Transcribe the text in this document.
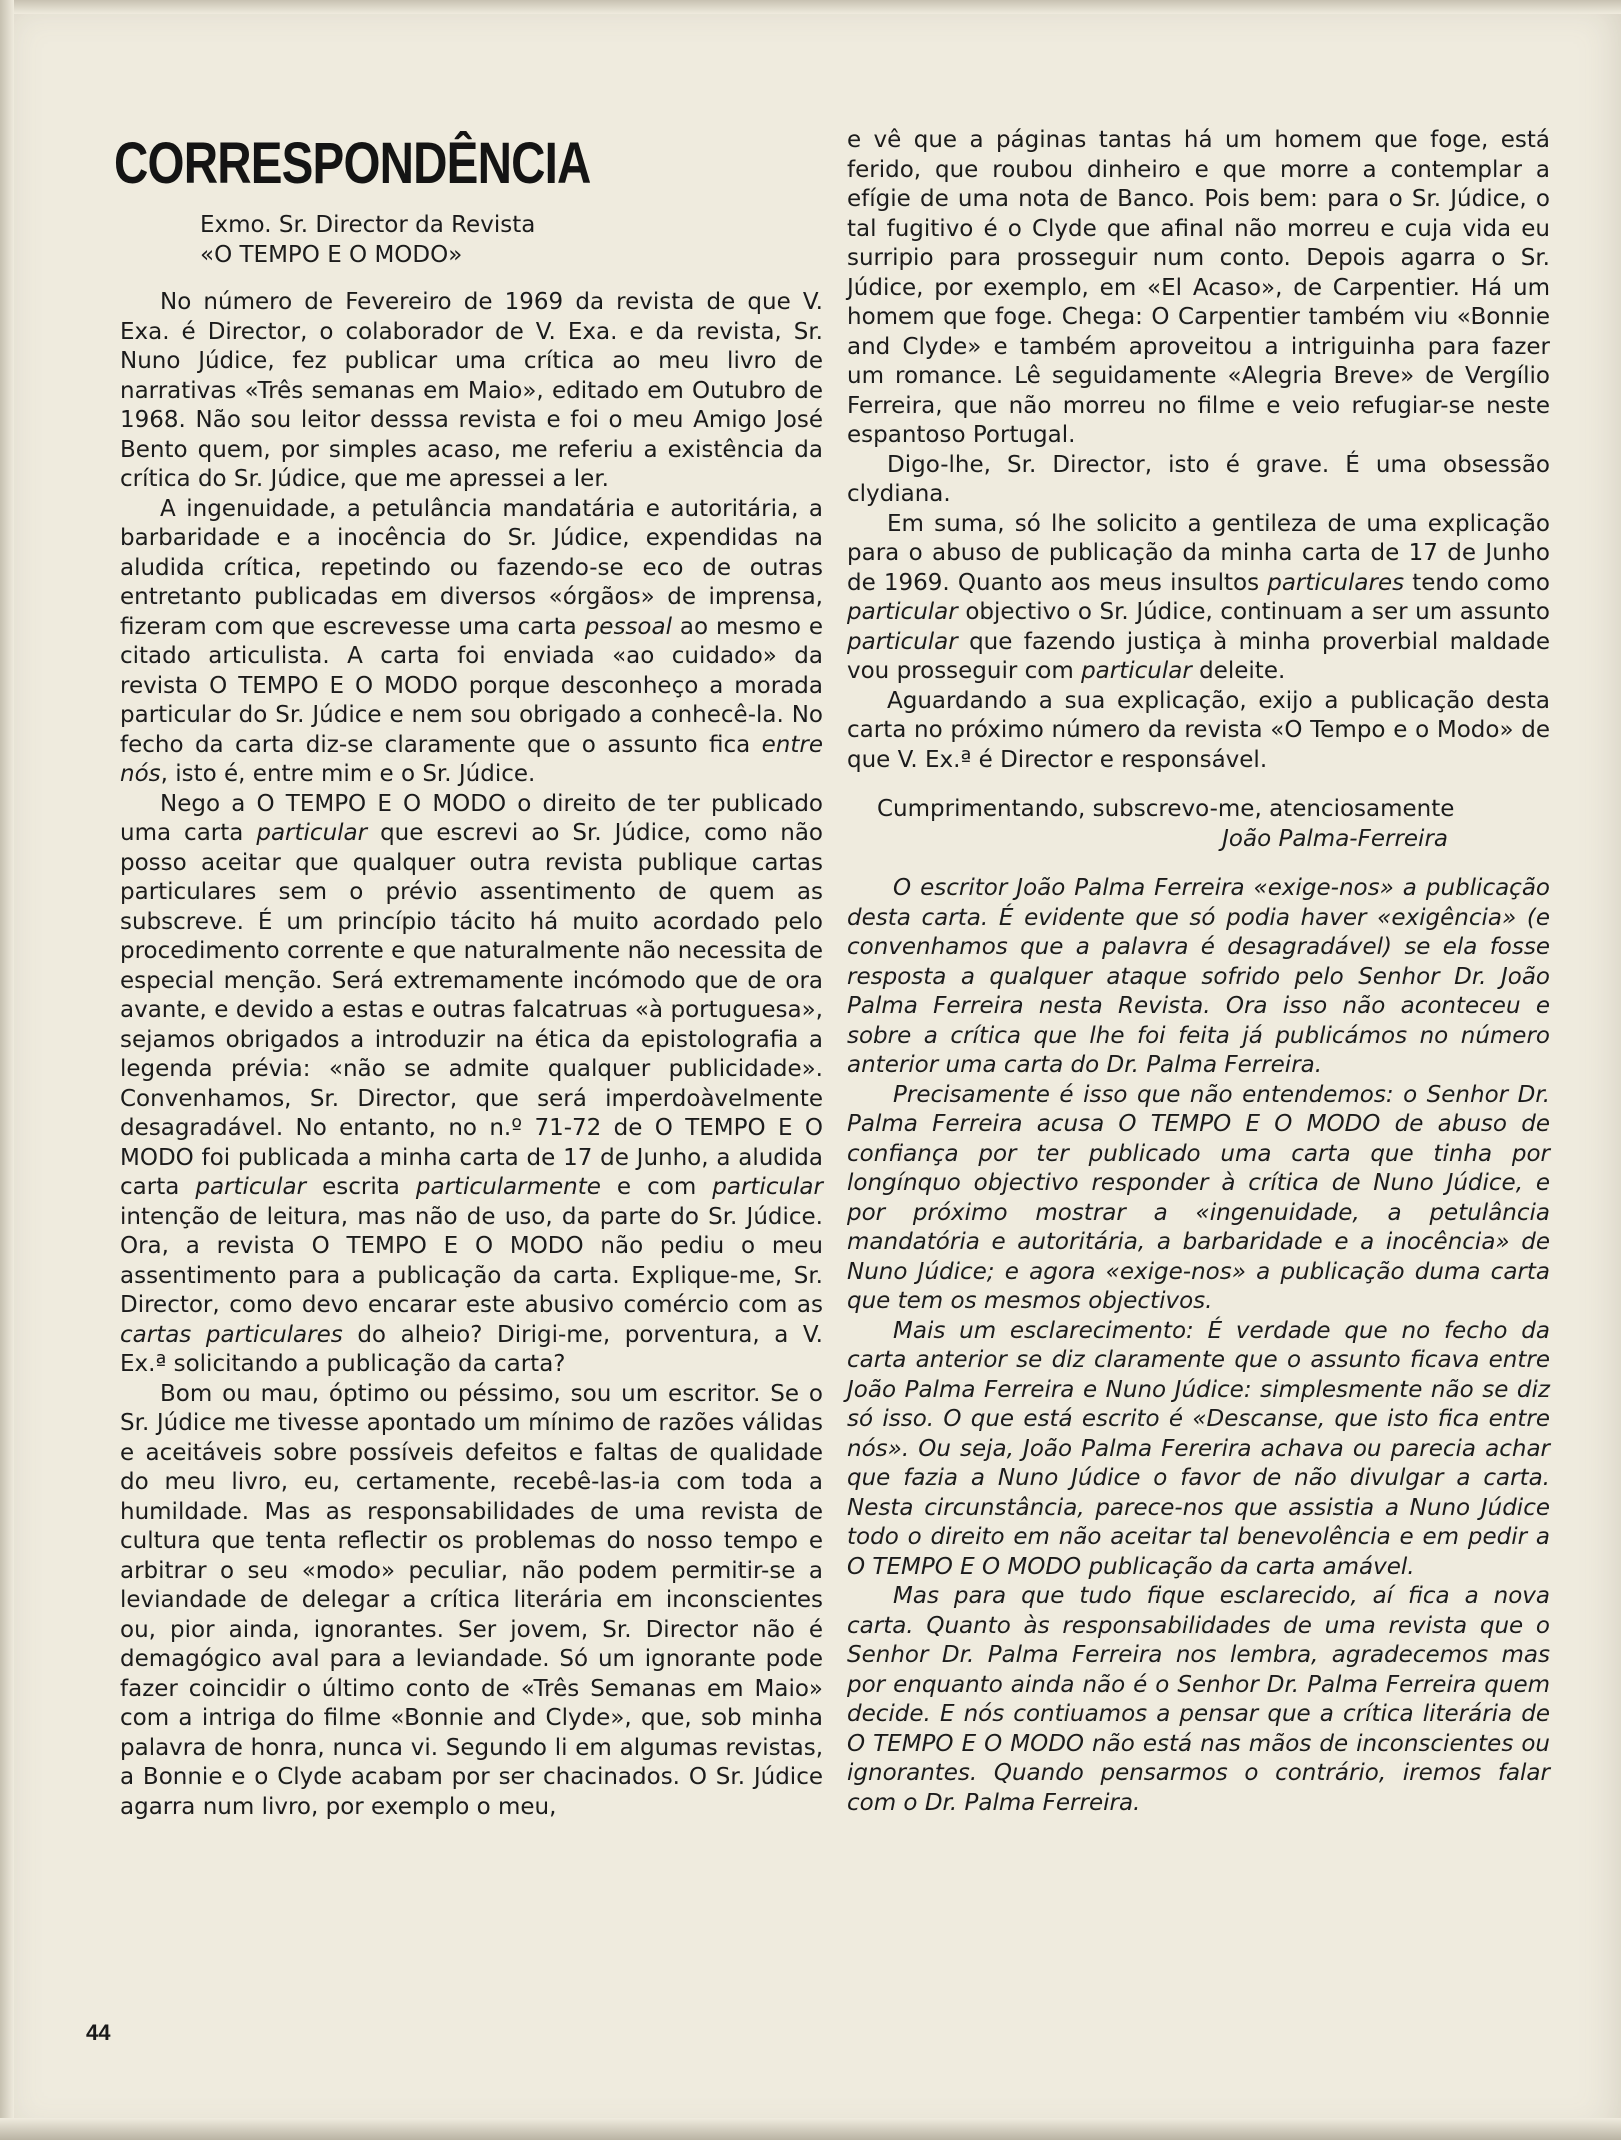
CORRESPONDÊNCIA

Exmo. Sr. Director da Revista

«O TEMPO E O MODO»

No número de Fevereiro de 1969 da revista de que V. Exa. é Director, o colaborador de V. Exa. e da revista, Sr. Nuno Júdice, fez publicar uma crítica ao meu livro de narrativas «Três semanas em Maio», editado em Outubro de 1968. Não sou leitor desssa revista e foi o meu Amigo José Bento quem, por simples acaso, me referiu a existência da crítica do Sr. Júdice, que me apressei a ler.

A ingenuidade, a petulância mandatária e autoritária, a barbaridade e a inocência do Sr. Júdice, expendidas na aludida crítica, repetindo ou fazendo-se eco de outras entretanto publicadas em diversos «órgãos» de imprensa, fizeram com que escrevesse uma carta pessoal ao mesmo e citado articulista. A carta foi enviada «ao cuidado» da revista O TEMPO E O MODO porque desconheço a morada particular do Sr. Júdice e nem sou obrigado a conhecê-la. No fecho da carta diz-se claramente que o assunto fica entre nós, isto é, entre mim e o Sr. Júdice.

Nego a O TEMPO E O MODO o direito de ter publicado uma carta particular que escrevi ao Sr. Júdice, como não posso aceitar que qualquer outra revista publique cartas particulares sem o prévio assentimento de quem as subscreve. É um princípio tácito há muito acordado pelo procedimento corrente e que naturalmente não necessita de especial menção. Será extremamente incómodo que de ora avante, e devido a estas e outras falcatruas «à portuguesa», sejamos obrigados a introduzir na ética da epistolografia a legenda prévia: «não se admite qualquer publicidade». Convenhamos, Sr. Director, que será imperdoàvelmente desagradável. No entanto, no n.º 71-72 de O TEMPO E O MODO foi publicada a minha carta de 17 de Junho, a aludida carta particular escrita particularmente e com particular intenção de leitura, mas não de uso, da parte do Sr. Júdice. Ora, a revista O TEMPO E O MODO não pediu o meu assentimento para a publicação da carta. Explique-me, Sr. Director, como devo encarar este abusivo comércio com as cartas particulares do alheio? Dirigi-me, porventura, a V. Ex.ª solicitando a publicação da carta?

Bom ou mau, óptimo ou péssimo, sou um escritor. Se o Sr. Júdice me tivesse apontado um mínimo de razões válidas e aceitáveis sobre possíveis defeitos e faltas de qualidade do meu livro, eu, certamente, recebê-las-ia com toda a humildade. Mas as responsabilidades de uma revista de cultura que tenta reflectir os problemas do nosso tempo e arbitrar o seu «modo» peculiar, não podem permitir-se a leviandade de delegar a crítica literária em inconscientes ou, pior ainda, ignorantes. Ser jovem, Sr. Director não é demagógico aval para a leviandade. Só um ignorante pode fazer coincidir o último conto de «Três Semanas em Maio» com a intriga do filme «Bonnie and Clyde», que, sob minha palavra de honra, nunca vi. Segundo li em algumas revistas, a Bonnie e o Clyde acabam por ser chacinados. O Sr. Júdice agarra num livro, por exemplo o meu,

e vê que a páginas tantas há um homem que foge, está ferido, que roubou dinheiro e que morre a contemplar a efígie de uma nota de Banco. Pois bem: para o Sr. Júdice, o tal fugitivo é o Clyde que afinal não morreu e cuja vida eu surripio para prosseguir num conto. Depois agarra o Sr. Júdice, por exemplo, em «El Acaso», de Carpentier. Há um homem que foge. Chega: O Carpentier também viu «Bonnie and Clyde» e também aproveitou a intriguinha para fazer um romance. Lê seguidamente «Alegria Breve» de Vergílio Ferreira, que não morreu no filme e veio refugiar-se neste espantoso Portugal.

Digo-lhe, Sr. Director, isto é grave. É uma obsessão clydiana.

Em suma, só lhe solicito a gentileza de uma explicação para o abuso de publicação da minha carta de 17 de Junho de 1969. Quanto aos meus insultos particulares tendo como particular objectivo o Sr. Júdice, continuam a ser um assunto particular que fazendo justiça à minha proverbial maldade vou prosseguir com particular deleite.

Aguardando a sua explicação, exijo a publicação desta carta no próximo número da revista «O Tempo e o Modo» de que V. Ex.ª é Director e responsável.

Cumprimentando, subscrevo-me, atenciosamente

João Palma-Ferreira

O escritor João Palma Ferreira «exige-nos» a publicação desta carta. É evidente que só podia haver «exigência» (e convenhamos que a palavra é desagradável) se ela fosse resposta a qualquer ataque sofrido pelo Senhor Dr. João Palma Ferreira nesta Revista. Ora isso não aconteceu e sobre a crítica que lhe foi feita já publicámos no número anterior uma carta do Dr. Palma Ferreira.

Precisamente é isso que não entendemos: o Senhor Dr. Palma Ferreira acusa O TEMPO E O MODO de abuso de confiança por ter publicado uma carta que tinha por longínquo objectivo responder à crítica de Nuno Júdice, e por próximo mostrar a «ingenuidade, a petulância mandatória e autoritária, a barbaridade e a inocência» de Nuno Júdice; e agora «exige-nos» a publicação duma carta que tem os mesmos objectivos.

Mais um esclarecimento: É verdade que no fecho da carta anterior se diz claramente que o assunto ficava entre João Palma Ferreira e Nuno Júdice: simplesmente não se diz só isso. O que está escrito é «Descanse, que isto fica entre nós». Ou seja, João Palma Fererira achava ou parecia achar que fazia a Nuno Júdice o favor de não divulgar a carta. Nesta circunstância, parece-nos que assistia a Nuno Júdice todo o direito em não aceitar tal benevolência e em pedir a O TEMPO E O MODO publicação da carta amável.

Mas para que tudo fique esclarecido, aí fica a nova carta. Quanto às responsabilidades de uma revista que o Senhor Dr. Palma Ferreira nos lembra, agradecemos mas por enquanto ainda não é o Senhor Dr. Palma Ferreira quem decide. E nós contiuamos a pensar que a crítica literária de O TEMPO E O MODO não está nas mãos de inconscientes ou ignorantes. Quando pensarmos o contrário, iremos falar com o Dr. Palma Ferreira.

44
